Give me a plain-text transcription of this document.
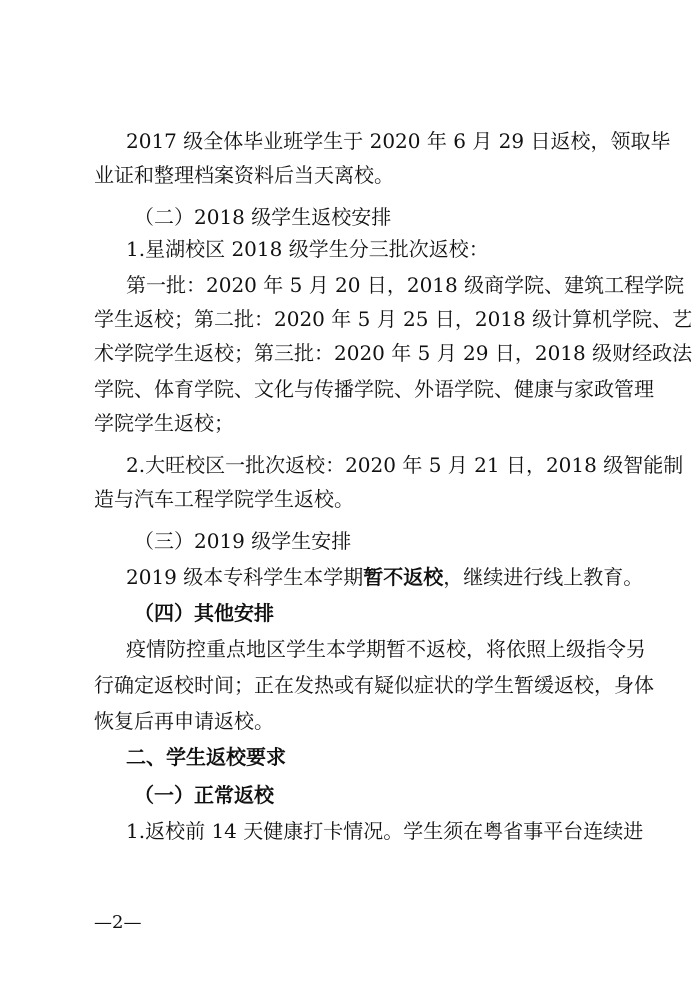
2017 级全体毕业班学生于 2020 年 6 月 29 日返校，领取毕
业证和整理档案资料后当天离校。
（二）2018 级学生返校安排
1.星湖校区 2018 级学生分三批次返校：
第一批：2020 年 5 月 20 日，2018 级商学院、建筑工程学院
学生返校；第二批：2020 年 5 月 25 日，2018 级计算机学院、艺
术学院学生返校；第三批：2020 年 5 月 29 日，2018 级财经政法
学院、体育学院、文化与传播学院、外语学院、健康与家政管理
学院学生返校；
2.大旺校区一批次返校：2020 年 5 月 21 日，2018 级智能制
造与汽车工程学院学生返校。
（三）2019 级学生安排
2019 级本专科学生本学期暂不返校，继续进行线上教育。
（四）其他安排
疫情防控重点地区学生本学期暂不返校，将依照上级指令另
行确定返校时间；正在发热或有疑似症状的学生暂缓返校，身体
恢复后再申请返校。
二、学生返校要求
（一）正常返校
1.返校前 14 天健康打卡情况。学生须在粤省事平台连续进
—2—
